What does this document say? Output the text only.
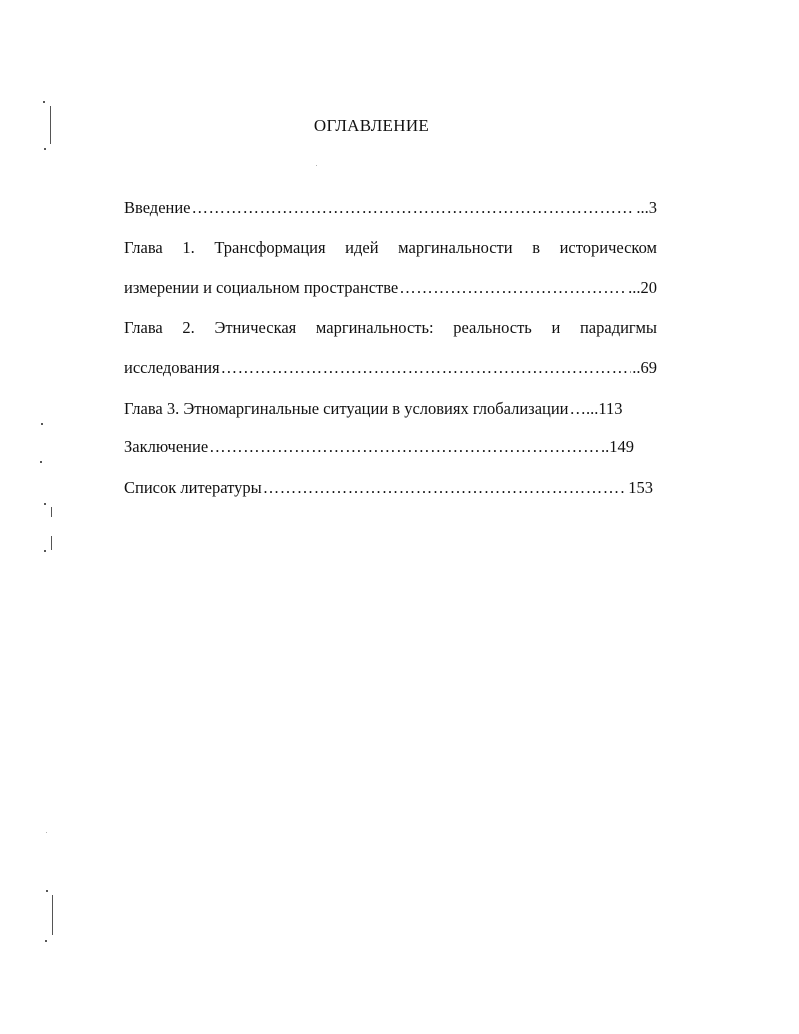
ОГЛАВЛЕНИЕ
Введение ……………………………………………………………………………………………………………………………………………………	...3
Глава 1. Трансформация идей маргинальности в историческом
измерении и социальном пространстве ……………………………………………………………………………………………………………………………………………………	...20
Глава 2. Этническая маргинальность: реальность и парадигмы
исследования ……………………………………………………………………………………………………………………………………………………	..69
Глава 3. Этномаргинальные ситуации в условиях глобализации …...113
Заключение ……………………………………………………………………………………………………………………………………………………	..149
Список литературы ……………………………………………………………………………………………………………………………………………………	153
